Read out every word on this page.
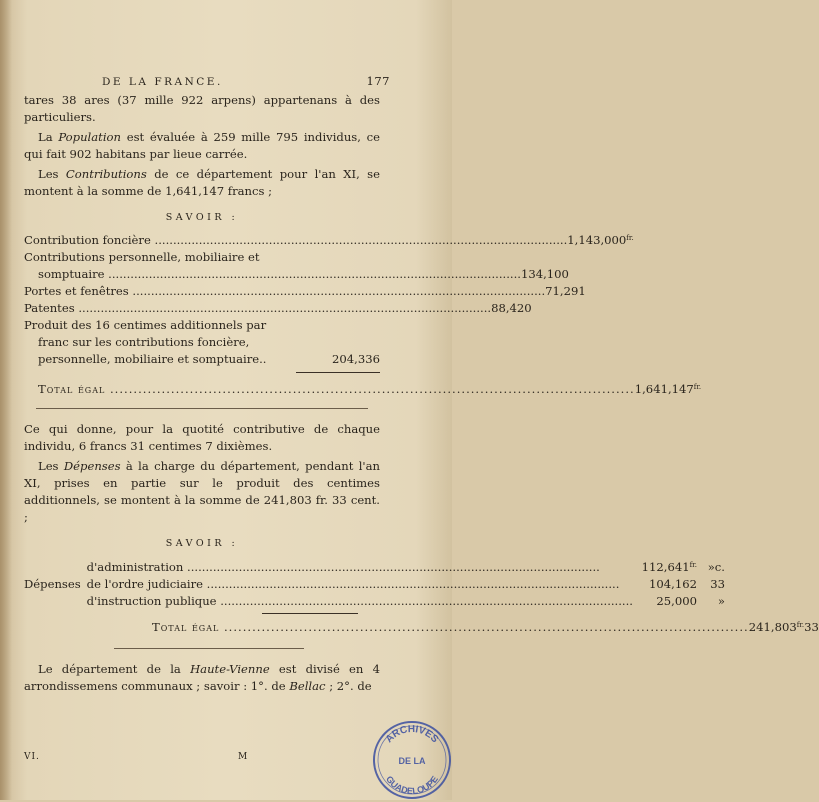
DE LA FRANCE.	177

tares 38 ares (37 mille 922 arpens) appartenans à des particuliers.

La Population est évaluée à 259 mille 795 individus, ce qui fait 902 habitans par lieue carrée.

Les Contributions de ce département pour l'an XI, se montent à la somme de 1,641,147 francs ;

SAVOIR :
Contribution foncière .....	$1,143,000^{fr.}$
Contributions personnelle, mobiliaire et
somptuaire .....	134,100
Portes et fenêtres .....	71,291
Patentes .....	88,420
Produit des 16 centimes additionnels par
franc sur les contributions foncière,
personnelle, mobiliaire et somptuaire..	204,336
Total égal .....	$1,641,147^{fr.}$

Ce qui donne, pour la quotité contributive de chaque individu, 6 francs 31 centimes 7 dixièmes.

Les Dépenses à la charge du département, pendant l'an XI, prises en partie sur le produit des centimes additionnels, se montent à la somme de 241,803 fr. 33 cent. ;

SAVOIR :
Dépenses
d'administration .....	$112,641^{fr.}$ »c.
de l'ordre judiciaire .....	104,162	33
d'instruction publique .....	25,000	»
Total égal .....	$241,803^{fr.}$ 33

Le département de la Haute-Vienne est divisé en 4 arrondissemens communaux ; savoir : 1°. de Bellac ; 2°. de

VI.	M
ARCHIVES
DE LA
GUADELOUPE
